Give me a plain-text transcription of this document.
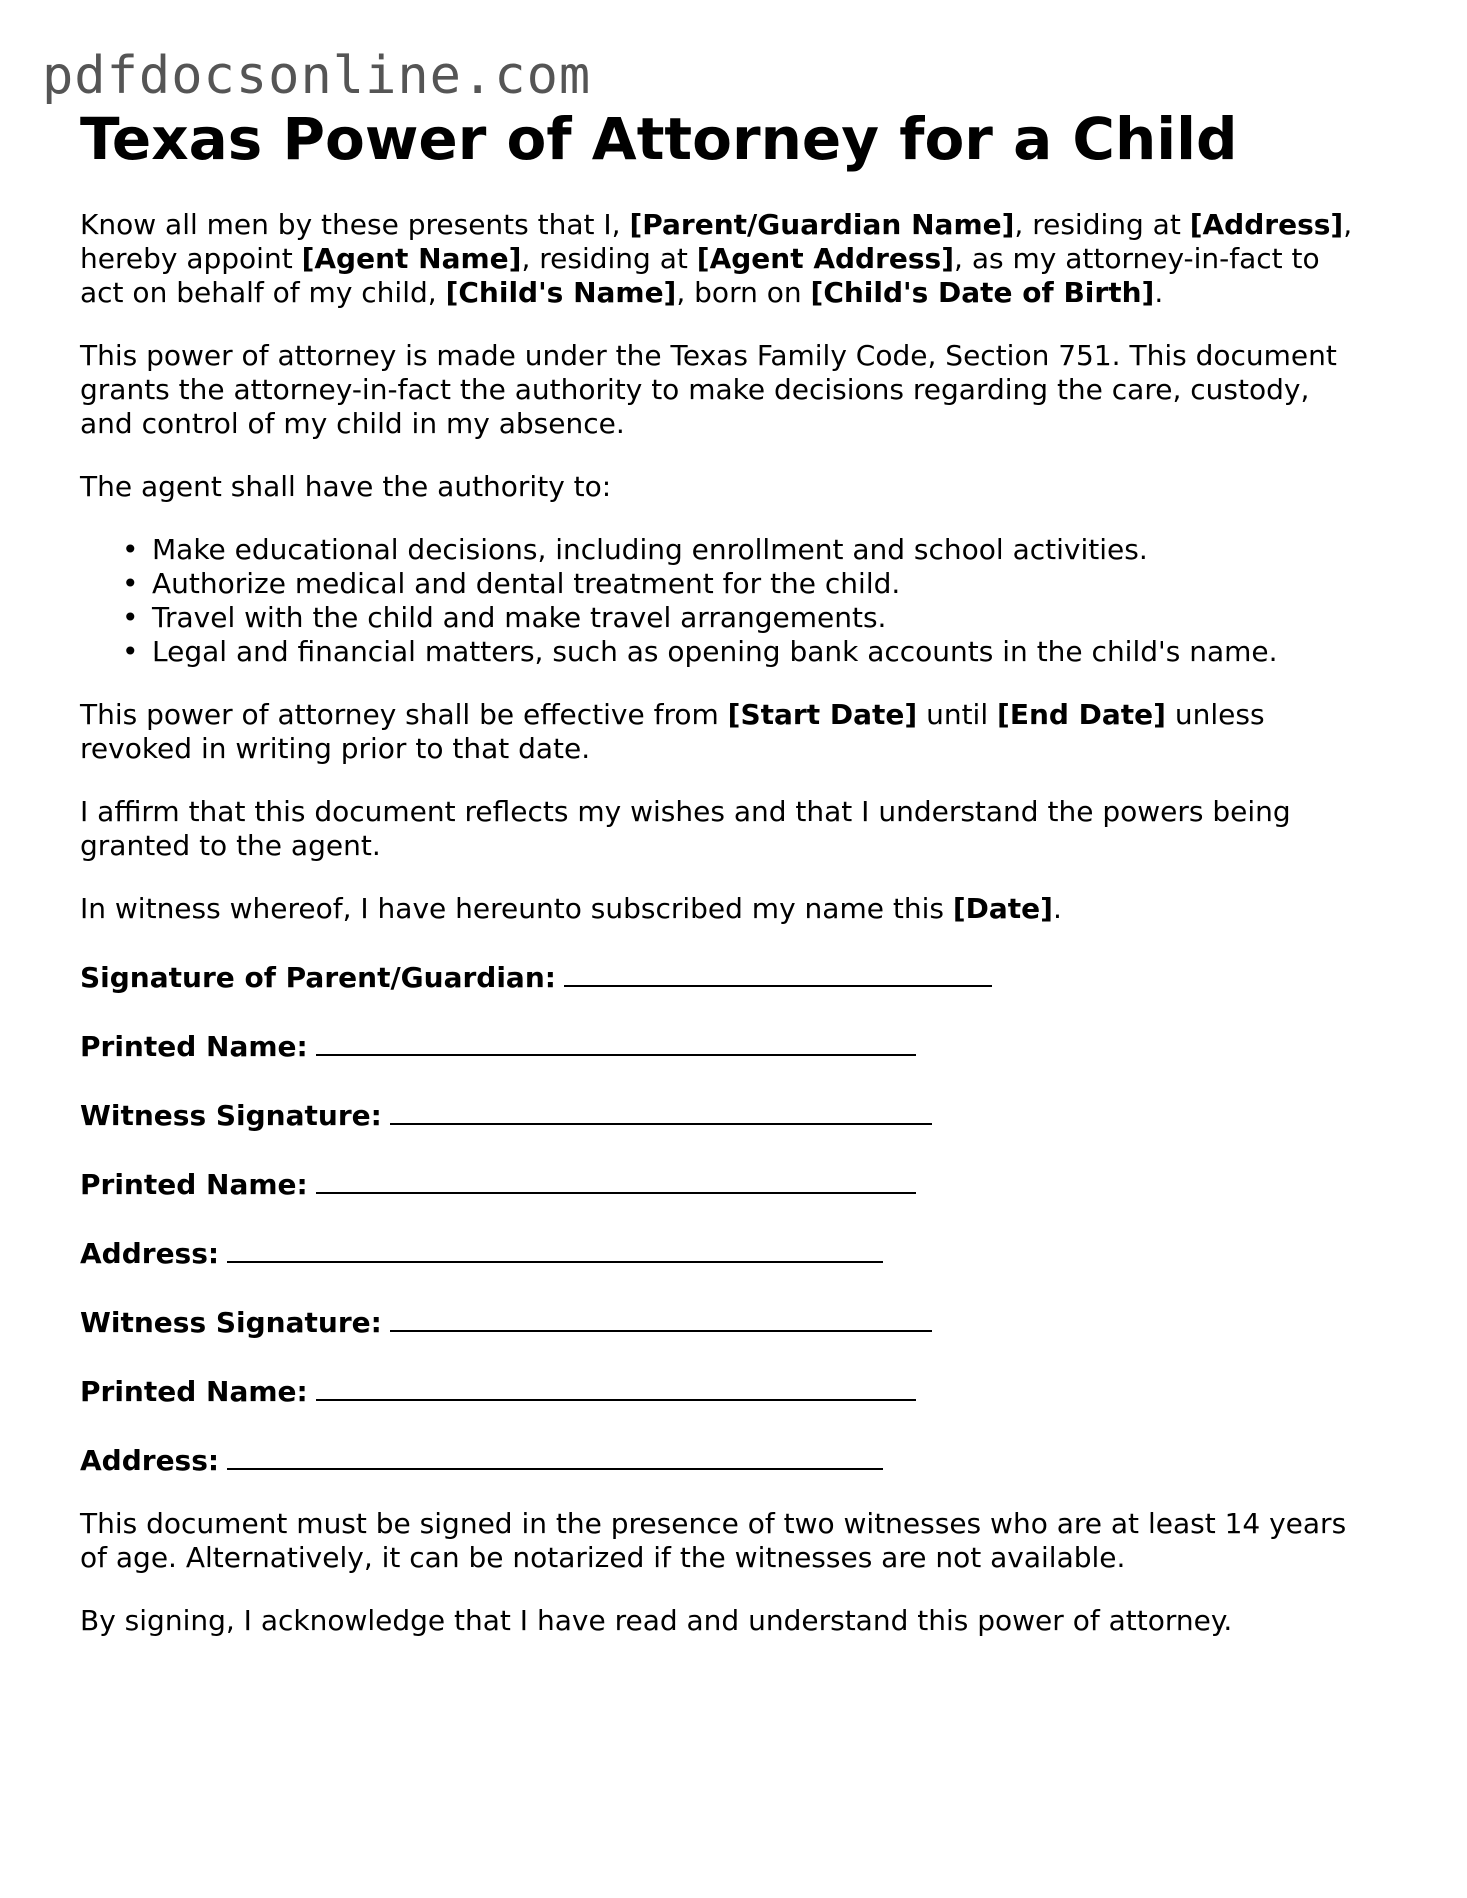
pdfdocsonline.com
Texas Power of Attorney for a Child

Know all men by these presents that I, [Parent/Guardian Name], residing at [Address],
hereby appoint [Agent Name], residing at [Agent Address], as my attorney-in-fact to
act on behalf of my child, [Child's Name], born on [Child's Date of Birth].

This power of attorney is made under the Texas Family Code, Section 751. This document
grants the attorney-in-fact the authority to make decisions regarding the care, custody,
and control of my child in my absence.

The agent shall have the authority to:

• Make educational decisions, including enrollment and school activities.
• Authorize medical and dental treatment for the child.
• Travel with the child and make travel arrangements.
• Legal and financial matters, such as opening bank accounts in the child's name.

This power of attorney shall be effective from [Start Date] until [End Date] unless
revoked in writing prior to that date.

I affirm that this document reflects my wishes and that I understand the powers being
granted to the agent.

In witness whereof, I have hereunto subscribed my name this [Date].

Signature of Parent/Guardian:
Printed Name:
Witness Signature:
Printed Name:
Address:
Witness Signature:
Printed Name:
Address:

This document must be signed in the presence of two witnesses who are at least 14 years
of age. Alternatively, it can be notarized if the witnesses are not available.

By signing, I acknowledge that I have read and understand this power of attorney.
